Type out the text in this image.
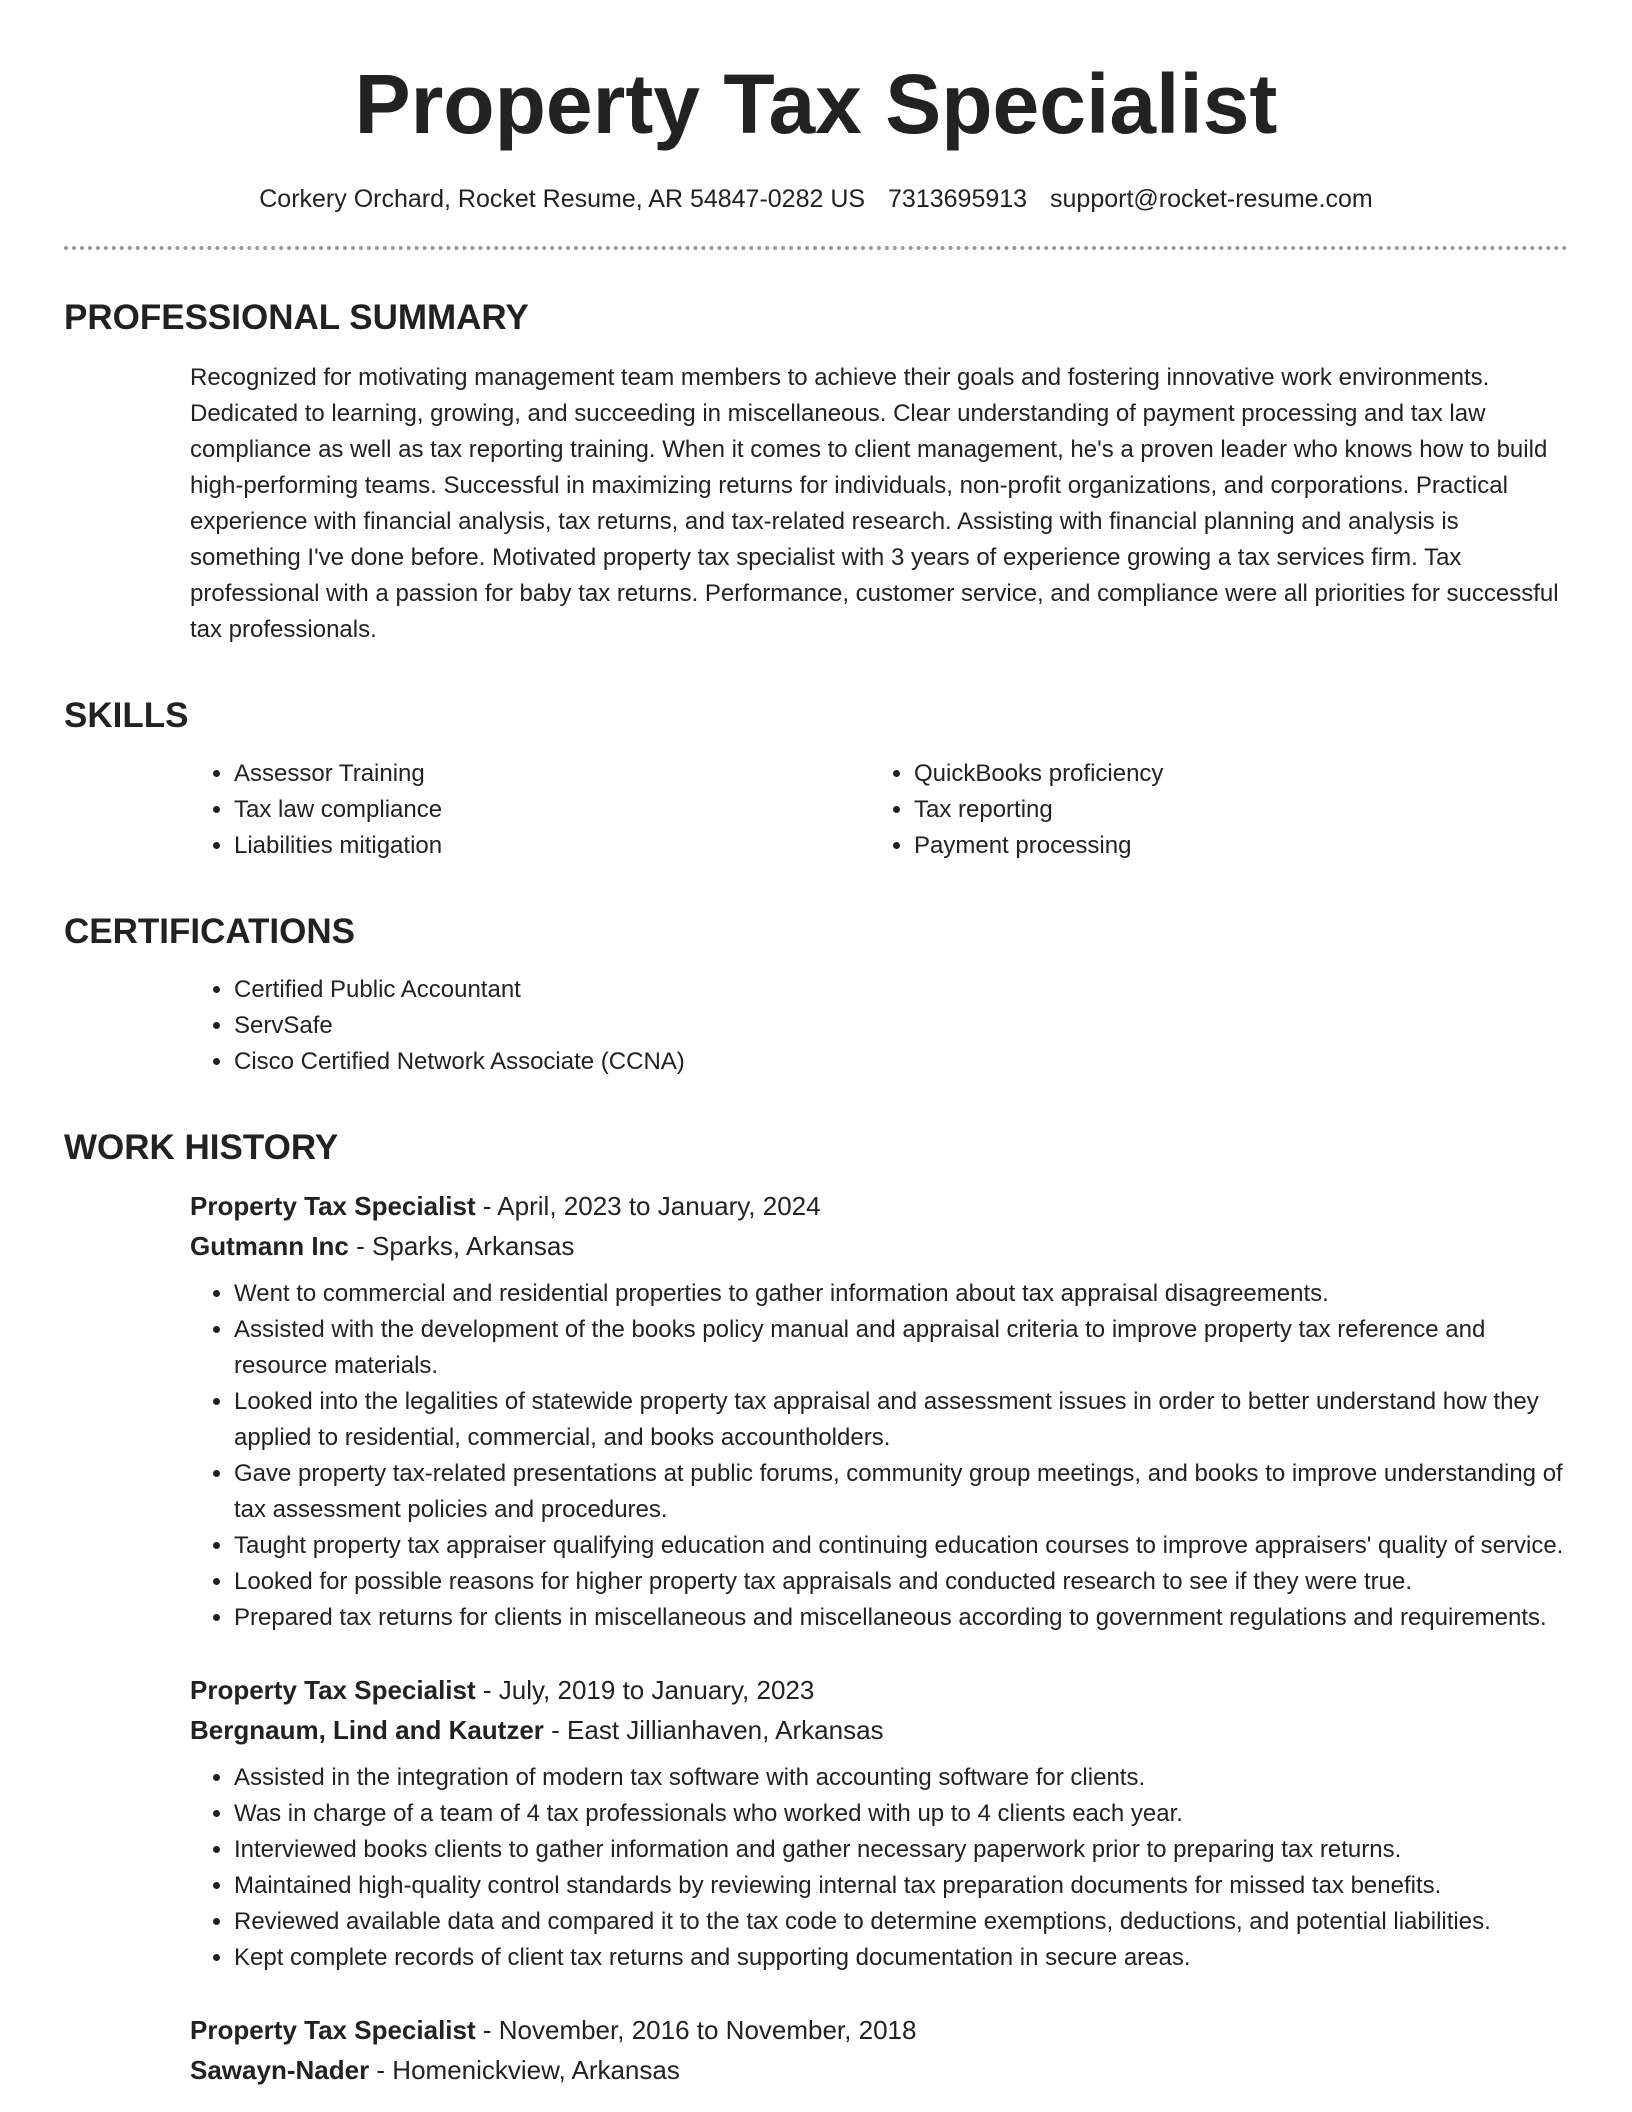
Property Tax Specialist
Corkery Orchard, Rocket Resume, AR 54847-0282 US 7313695913 support@rocket-resume.com
PROFESSIONAL SUMMARY

Recognized for motivating management team members to achieve their goals and fostering innovative work environments. Dedicated to learning, growing, and succeeding in miscellaneous. Clear understanding of payment processing and tax law compliance as well as tax reporting training. When it comes to client management, he's a proven leader who knows how to build high-performing teams. Successful in maximizing returns for individuals, non-profit organizations, and corporations. Practical experience with financial analysis, tax returns, and tax-related research. Assisting with financial planning and analysis is something I've done before. Motivated property tax specialist with 3 years of experience growing a tax services firm. Tax professional with a passion for baby tax returns. Performance, customer service, and compliance were all priorities for successful tax professionals.

SKILLS
• Assessor Training
• Tax law compliance
• Liabilities mitigation
• QuickBooks proficiency
• Tax reporting
• Payment processing
CERTIFICATIONS
• Certified Public Accountant
• ServSafe
• Cisco Certified Network Associate (CCNA)
WORK HISTORY

Property Tax Specialist - April, 2023 to January, 2024

Gutmann Inc - Sparks, Arkansas

• Went to commercial and residential properties to gather information about tax appraisal disagreements.
• Assisted with the development of the books policy manual and appraisal criteria to improve property tax reference and resource materials.
• Looked into the legalities of statewide property tax appraisal and assessment issues in order to better understand how they applied to residential, commercial, and books accountholders.
• Gave property tax-related presentations at public forums, community group meetings, and books to improve understanding of tax assessment policies and procedures.
• Taught property tax appraiser qualifying education and continuing education courses to improve appraisers' quality of service.
• Looked for possible reasons for higher property tax appraisals and conducted research to see if they were true.
• Prepared tax returns for clients in miscellaneous and miscellaneous according to government regulations and requirements.

Property Tax Specialist - July, 2019 to January, 2023

Bergnaum, Lind and Kautzer - East Jillianhaven, Arkansas

• Assisted in the integration of modern tax software with accounting software for clients.
• Was in charge of a team of 4 tax professionals who worked with up to 4 clients each year.
• Interviewed books clients to gather information and gather necessary paperwork prior to preparing tax returns.
• Maintained high-quality control standards by reviewing internal tax preparation documents for missed tax benefits.
• Reviewed available data and compared it to the tax code to determine exemptions, deductions, and potential liabilities.
• Kept complete records of client tax returns and supporting documentation in secure areas.

Property Tax Specialist - November, 2016 to November, 2018

Sawayn-Nader - Homenickview, Arkansas
